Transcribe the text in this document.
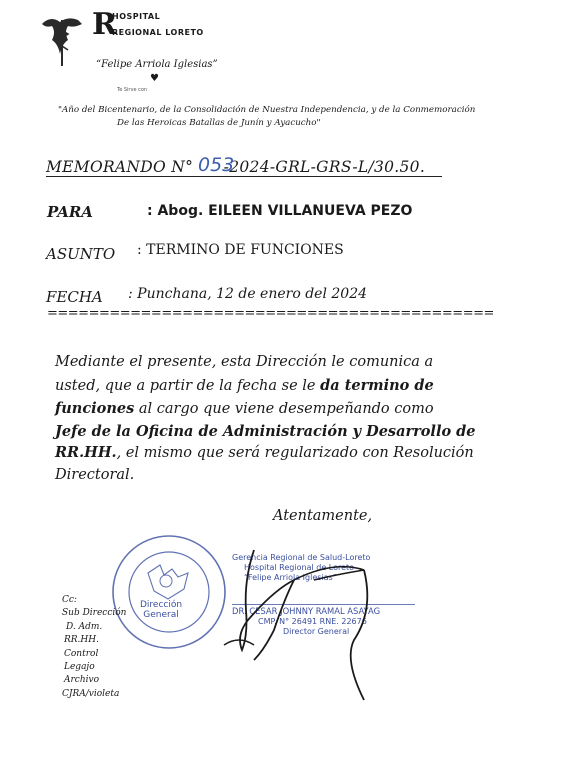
R
HOSPITAL
REGIONAL LORETO
“Felipe Arriola Iglesias”
♥
Te Sirve con
"Año del Bicentenario, de la Consolidación de Nuestra Independencia, y de la Conmemoración
De las Heroicas Batallas de Junín y Ayacucho"
MEMORANDO N° -2024-GRL-GRS-L/30.50.
053
PARA	: Abog. EILEEN VILLANUEVA PEZO
ASUNTO : TERMINO DE FUNCIONES
FECHA : Punchana, 12 de enero del 2024
===========================================
Mediante el presente, esta Dirección le comunica a
usted, que a partir de la fecha se le da termino de
funciones al cargo que viene desempeñando como
Jefe de la Oficina de Administración y Desarrollo de
RR.HH., el mismo que será regularizado con Resolución
Directoral.
Atentamente,
Dirección
General
Gerencia Regional de Salud-Loreto
Hospital Regional de Loreto
“Felipe Arriola Iglesias”
DR. CESAR JOHNNY RAMAL ASAYAG
CMP. N° 26491 RNE. 22676
Director General
Cc:
Sub Dirección
D. Adm.
RR.HH.
Control
Legajo
Archivo
CJRA/violeta
